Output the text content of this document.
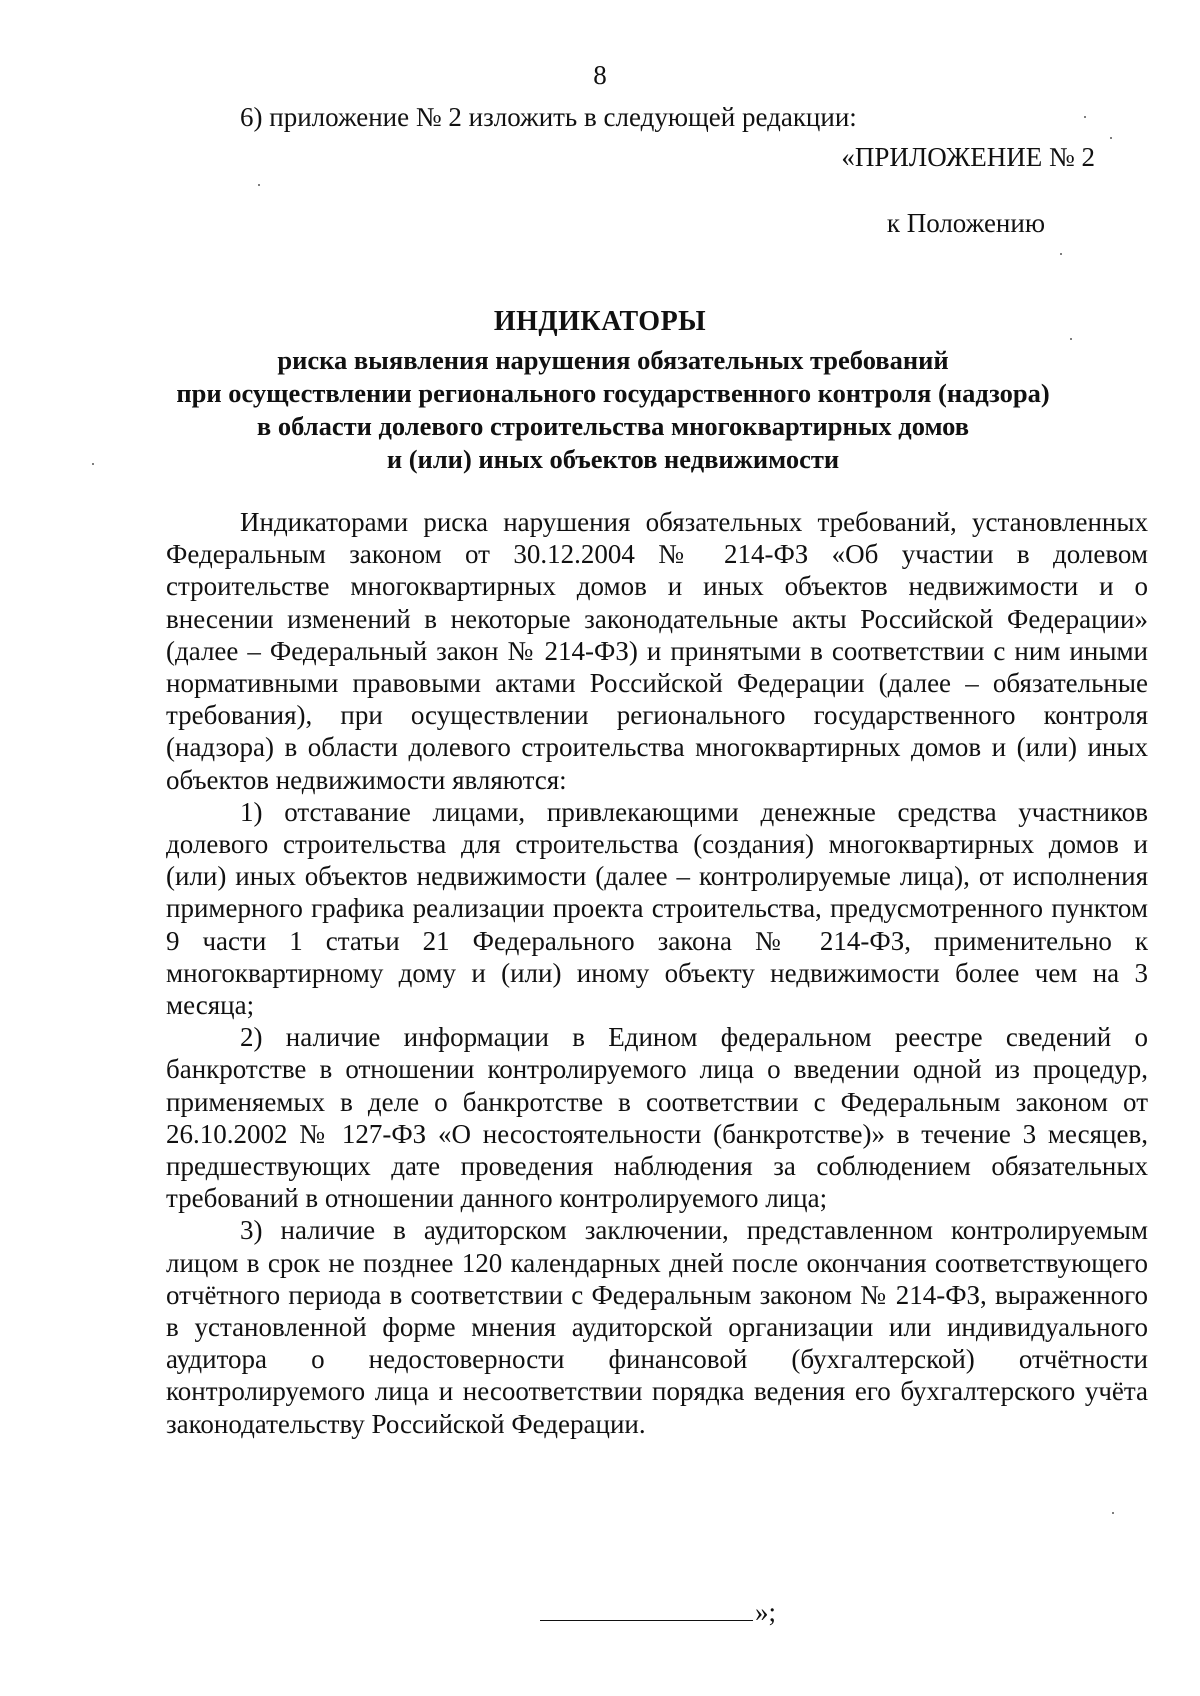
8
6) приложение № 2 изложить в следующей редакции:
«ПРИЛОЖЕНИЕ № 2
к Положению
ИНДИКАТОРЫ
риска выявления нарушения обязательных требований
при осуществлении регионального государственного контроля (надзора)
в области долевого строительства многоквартирных домов
и (или) иных объектов недвижимости

Индикаторами риска нарушения обязательных требований, установленных Федеральным законом от 30.12.2004 № 214-ФЗ «Об участии в долевом строительстве многоквартирных домов и иных объектов недвижимости и о внесении изменений в некоторые законодательные акты Российской Федерации» (далее – Федеральный закон № 214-ФЗ) и принятыми в соответствии с ним иными нормативными правовыми актами Российской Федерации (далее – обязательные требования), при осуществлении регионального государственного контроля (надзора) в области долевого строительства многоквартирных домов и (или) иных объектов недвижимости являются:

1) отставание лицами, привлекающими денежные средства участников долевого строительства для строительства (создания) многоквартирных домов и (или) иных объектов недвижимости (далее – контролируемые лица), от исполнения примерного графика реализации проекта строительства, предусмотренного пунктом 9 части 1 статьи 21 Федерального закона № 214-ФЗ, применительно к многоквартирному дому и (или) иному объекту недвижимости более чем на 3 месяца;

2) наличие информации в Едином федеральном реестре сведений о банкротстве в отношении контролируемого лица о введении одной из процедур, применяемых в деле о банкротстве в соответствии с Федеральным законом от 26.10.2002 № 127-ФЗ «О несостоятельности (банкротстве)» в течение 3 месяцев, предшествующих дате проведения наблюдения за соблюдением обязательных требований в отношении данного контролируемого лица;

3) наличие в аудиторском заключении, представленном контролируемым лицом в срок не позднее 120 календарных дней после окончания соответствующего отчётного периода в соответствии с Федеральным законом № 214-ФЗ, выраженного в установленной форме мнения аудиторской организации или индивидуального аудитора о недостоверности финансовой (бухгалтерской) отчётности контролируемого лица и несоответствии порядка ведения его бухгалтерского учёта законодательству Российской Федерации.

»;
